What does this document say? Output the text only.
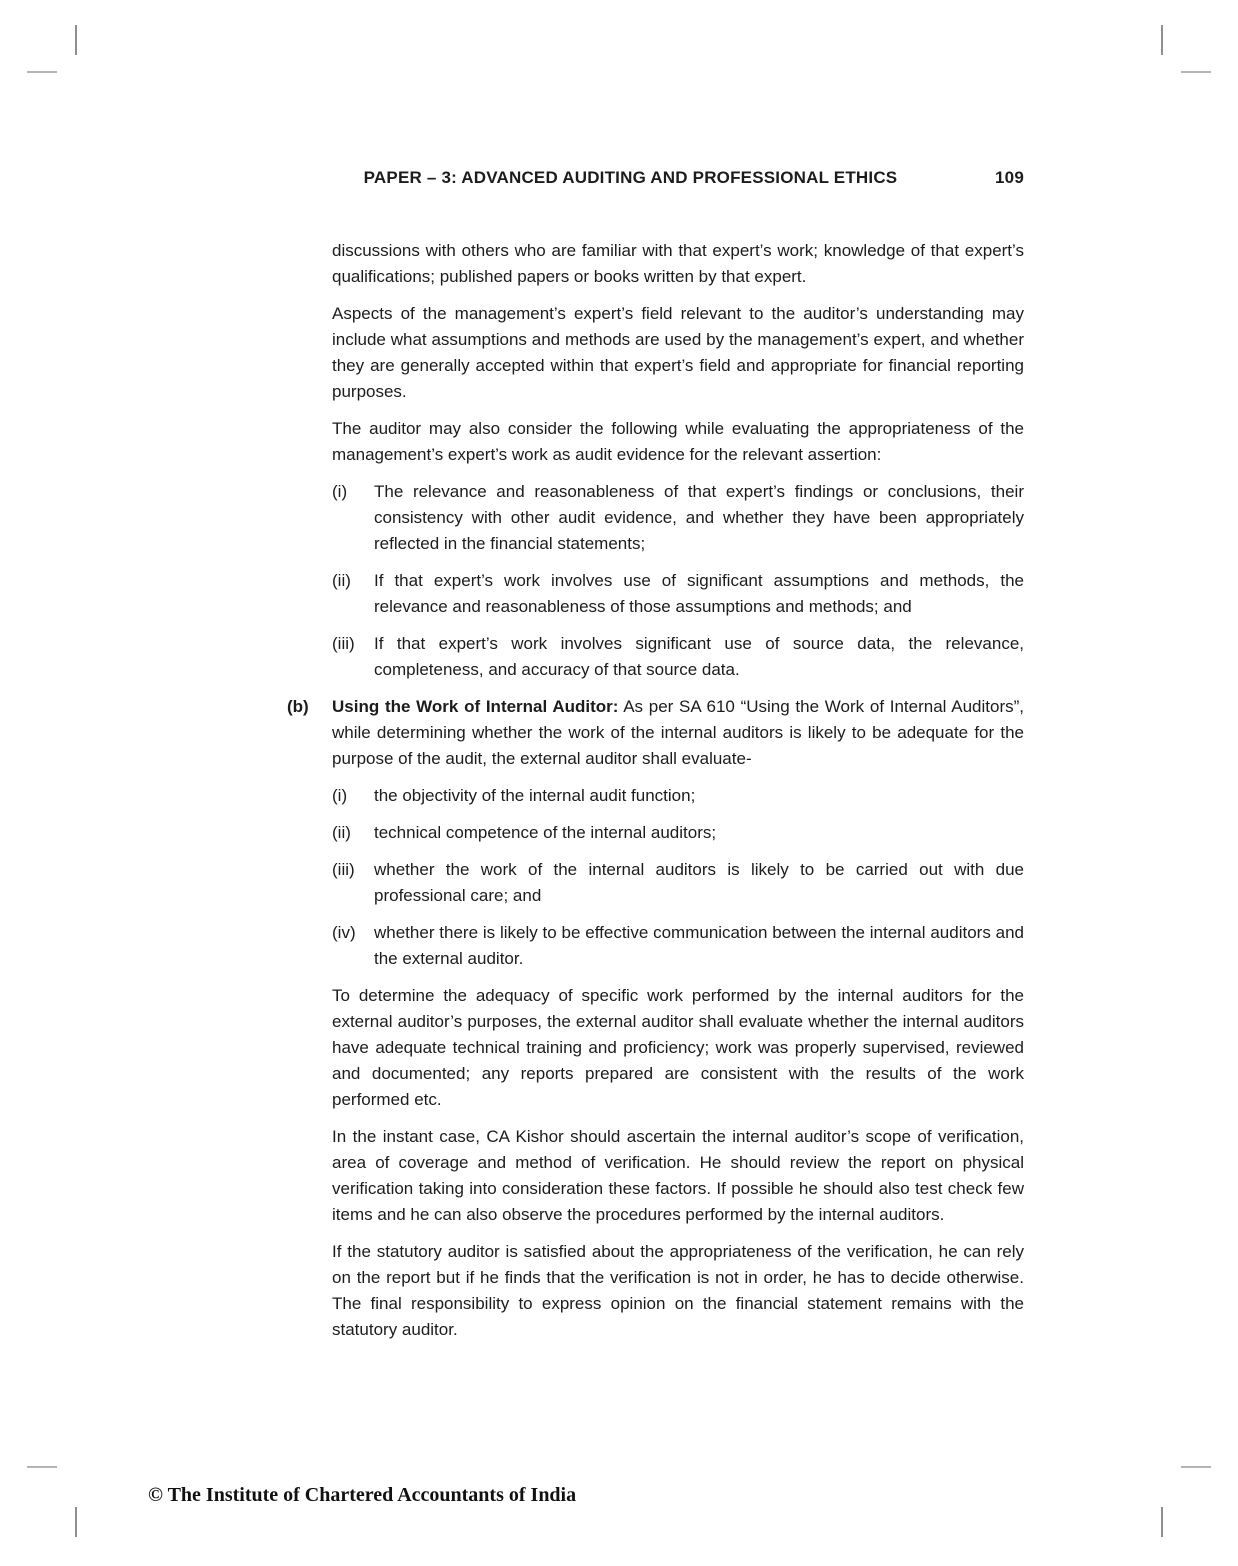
PAPER – 3: ADVANCED AUDITING AND PROFESSIONAL ETHICS	109

discussions with others who are familiar with that expert’s work; knowledge of that expert’s qualifications; published papers or books written by that expert.

Aspects of the management’s expert’s field relevant to the auditor’s understanding may include what assumptions and methods are used by the management’s expert, and whether they are generally accepted within that expert’s field and appropriate for financial reporting purposes.

The auditor may also consider the following while evaluating the appropriateness of the management’s expert’s work as audit evidence for the relevant assertion:

(i)	The relevance and reasonableness of that expert’s findings or conclusions, their consistency with other audit evidence, and whether they have been appropriately reflected in the financial statements;
(ii)	If that expert’s work involves use of significant assumptions and methods, the relevance and reasonableness of those assumptions and methods; and
(iii)	If that expert’s work involves significant use of source data, the relevance, completeness, and accuracy of that source data.
(b) Using the Work of Internal Auditor: As per SA 610 “Using the Work of Internal Auditors”, while determining whether the work of the internal auditors is likely to be adequate for the purpose of the audit, the external auditor shall evaluate-

(i)	the objectivity of the internal audit function;
(ii)	technical competence of the internal auditors;
(iii)	whether the work of the internal auditors is likely to be carried out with due professional care; and
(iv)	whether there is likely to be effective communication between the internal auditors and the external auditor.

To determine the adequacy of specific work performed by the internal auditors for the external auditor’s purposes, the external auditor shall evaluate whether the internal auditors have adequate technical training and proficiency; work was properly supervised, reviewed and documented; any reports prepared are consistent with the results of the work performed etc.

In the instant case, CA Kishor should ascertain the internal auditor’s scope of verification, area of coverage and method of verification. He should review the report on physical verification taking into consideration these factors. If possible he should also test check few items and he can also observe the procedures performed by the internal auditors.

If the statutory auditor is satisfied about the appropriateness of the verification, he can rely on the report but if he finds that the verification is not in order, he has to decide otherwise. The final responsibility to express opinion on the financial statement remains with the statutory auditor.

© The Institute of Chartered Accountants of India
